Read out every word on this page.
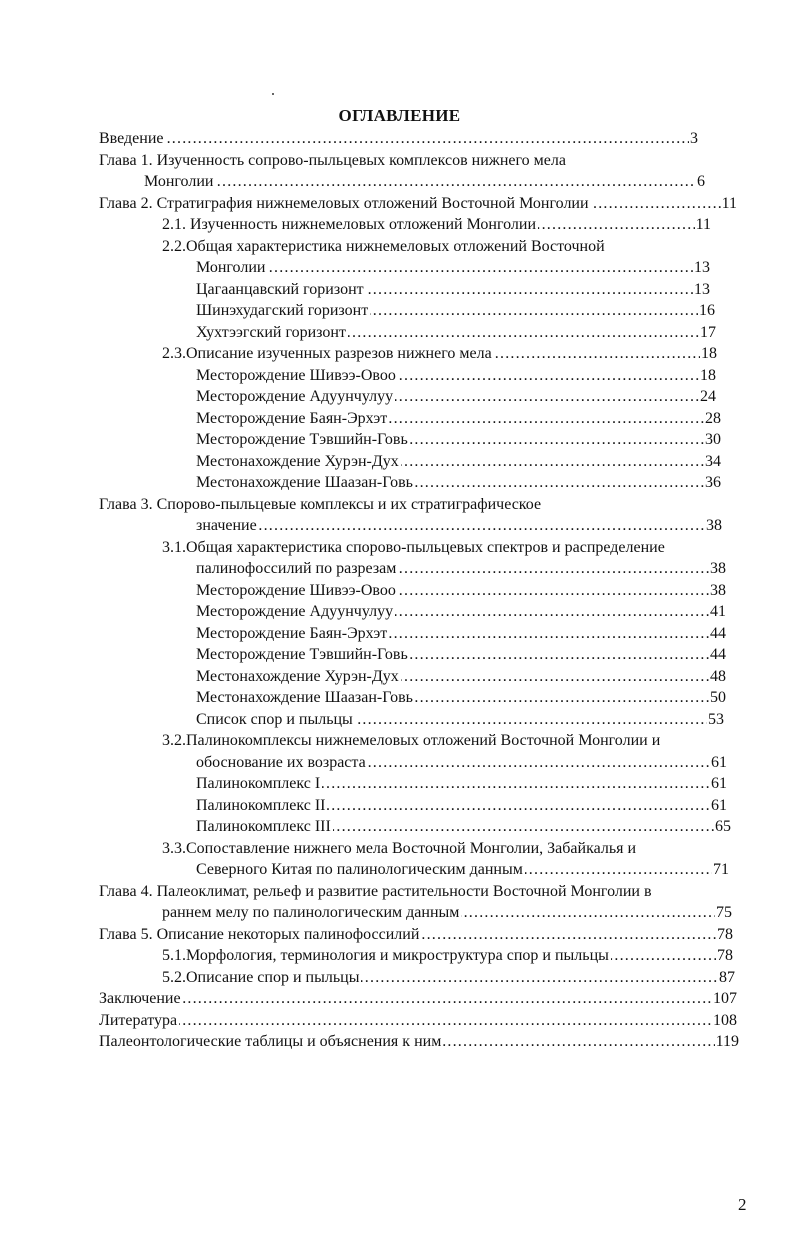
ОГЛАВЛЕНИЕ
..... Введение	3
Глава 1. Изученность сопрово-пыльцевых комплексов нижнего мела
..... Монголии	6
..... Глава 2. Стратиграфия нижнемеловых отложений Восточной Монголии	11
..... 2.1. Изученность нижнемеловых отложений Монголии	11
2.2.Общая характеристика нижнемеловых отложений Восточной
..... Монголии	13
..... Цагаанцавский горизонт	13
..... Шинэхудагский горизонт	16
..... Хухтээгский горизонт	17
..... 2.3.Описание изученных разрезов нижнего мела	18
..... Месторождение Шивээ-Овоо	18
..... Месторождение Адуунчулуу	24
..... Месторождение Баян-Эрхэт	28
..... Месторождение Тэвшийн-Говь	30
..... Местонахождение Хурэн-Дух	34
..... Местонахождение Шаазан-Говь	36
Глава 3. Спорово-пыльцевые комплексы и их стратиграфическое
..... значение	38
3.1.Общая характеристика спорово-пыльцевых спектров и распределение
..... палинофоссилий по разрезам	38
..... Месторождение Шивээ-Овоо	38
..... Месторождение Адуунчулуу	41
..... Месторождение Баян-Эрхэт	44
..... Месторождение Тэвшийн-Говь	44
..... Местонахождение Хурэн-Дух	48
..... Местонахождение Шаазан-Говь	50
..... Список спор и пыльцы	53
3.2.Палинокомплексы нижнемеловых отложений Восточной Монголии и
..... обоснование их возраста	61
..... Палинокомплекс I	61
..... Палинокомплекс II	61
..... Палинокомплекс III	65
3.3.Сопоставление нижнего мела Восточной Монголии, Забайкалья и
..... Северного Китая по палинологическим данным	71
Глава 4. Палеоклимат, рельеф и развитие растительности Восточной Монголии в
..... раннем мелу по палинологическим данным	75
..... Глава 5. Описание некоторых палинофоссилий	78
..... 5.1.Морфология, терминология и микроструктура спор и пыльцы	78
..... 5.2.Описание спор и пыльцы	87
..... Заключение	107
..... Литература	108
..... Палеонтологические таблицы и объяснения к ним	119
2
